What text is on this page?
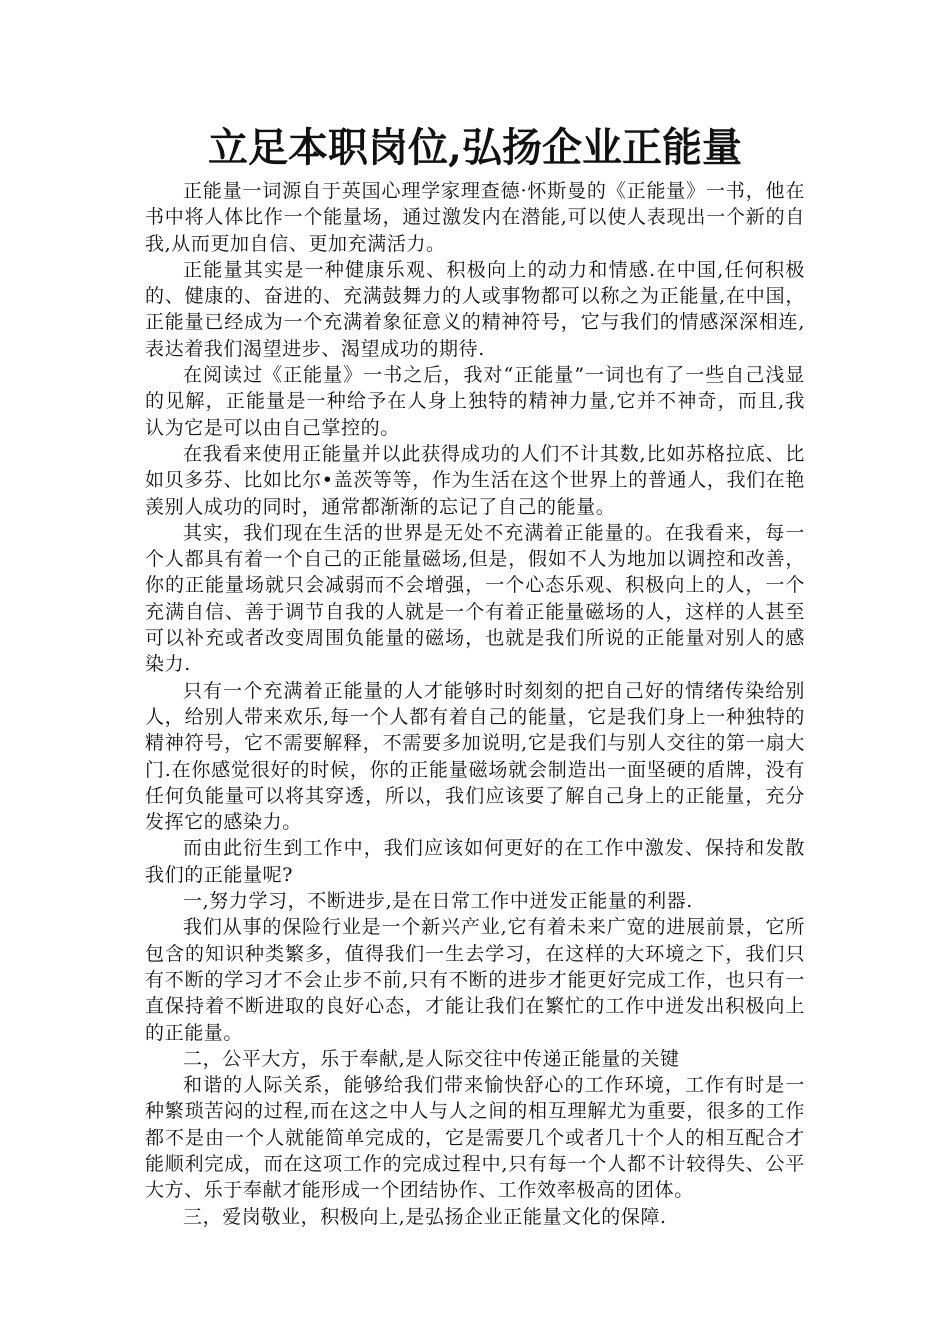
立足本职岗位,弘扬企业正能量

正能量一词源自于英国心理学家理查德·怀斯曼的《正能量》一书，他在书中将人体比作一个能量场，通过激发内在潜能,可以使人表现出一个新的自我,从而更加自信、更加充满活力。

正能量其实是一种健康乐观、积极向上的动力和情感.在中国,任何积极的、健康的、奋进的、充满鼓舞力的人或事物都可以称之为正能量,在中国，正能量已经成为一个充满着象征意义的精神符号，它与我们的情感深深相连,表达着我们渴望进步、渴望成功的期待.

在阅读过《正能量》一书之后，我对“正能量”一词也有了一些自己浅显的见解，正能量是一种给予在人身上独特的精神力量,它并不神奇，而且,我认为它是可以由自己掌控的。

在我看来使用正能量并以此获得成功的人们不计其数,比如苏格拉底、比如贝多芬、比如比尔•盖茨等等，作为生活在这个世界上的普通人，我们在艳羡别人成功的同时，通常都渐渐的忘记了自己的能量。

其实，我们现在生活的世界是无处不充满着正能量的。在我看来，每一个人都具有着一个自己的正能量磁场,但是，假如不人为地加以调控和改善，你的正能量场就只会减弱而不会增强，一个心态乐观、积极向上的人，一个充满自信、善于调节自我的人就是一个有着正能量磁场的人，这样的人甚至可以补充或者改变周围负能量的磁场，也就是我们所说的正能量对别人的感染力.

只有一个充满着正能量的人才能够时时刻刻的把自己好的情绪传染给别人，给别人带来欢乐,每一个人都有着自己的能量，它是我们身上一种独特的精神符号，它不需要解释，不需要多加说明,它是我们与别人交往的第一扇大门.在你感觉很好的时候，你的正能量磁场就会制造出一面坚硬的盾牌，没有任何负能量可以将其穿透，所以，我们应该要了解自己身上的正能量，充分发挥它的感染力。

而由此衍生到工作中，我们应该如何更好的在工作中激发、保持和发散我们的正能量呢?

一,努力学习，不断进步,是在日常工作中迸发正能量的利器.

我们从事的保险行业是一个新兴产业,它有着未来广宽的进展前景，它所包含的知识种类繁多，值得我们一生去学习，在这样的大环境之下，我们只有不断的学习才不会止步不前,只有不断的进步才能更好完成工作，也只有一直保持着不断进取的良好心态，才能让我们在繁忙的工作中迸发出积极向上的正能量。

二，公平大方，乐于奉献,是人际交往中传递正能量的关键

和谐的人际关系，能够给我们带来愉快舒心的工作环境，工作有时是一种繁琐苦闷的过程,而在这之中人与人之间的相互理解尤为重要，很多的工作都不是由一个人就能简单完成的，它是需要几个或者几十个人的相互配合才能顺利完成，而在这项工作的完成过程中,只有每一个人都不计较得失、公平大方、乐于奉献才能形成一个团结协作、工作效率极高的团体。

三，爱岗敬业，积极向上,是弘扬企业正能量文化的保障.
